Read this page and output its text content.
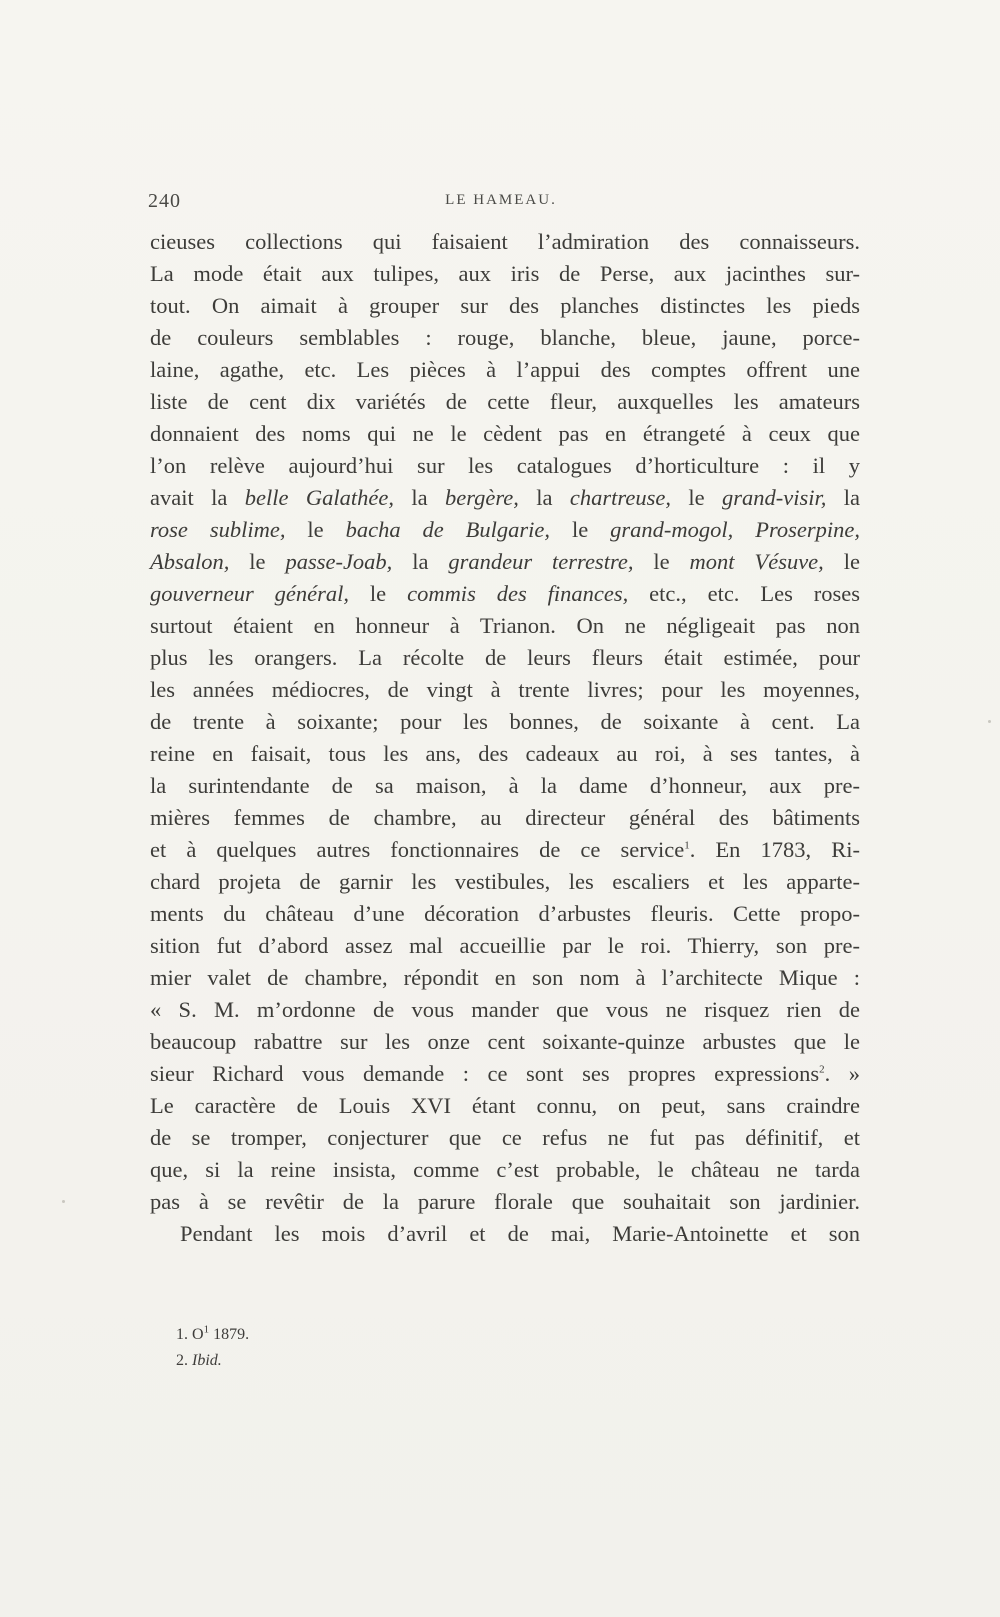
240	LE HAMEAU.
cieuses collections qui faisaient l’admiration des connaisseurs.
La mode était aux tulipes, aux iris de Perse, aux jacinthes sur-
tout. On aimait à grouper sur des planches distinctes les pieds
de couleurs semblables : rouge, blanche, bleue, jaune, porce-
laine, agathe, etc. Les pièces à l’appui des comptes offrent une
liste de cent dix variétés de cette fleur, auxquelles les amateurs
donnaient des noms qui ne le cèdent pas en étrangeté à ceux que
l’on relève aujourd’hui sur les catalogues d’horticulture : il y
avait la belle Galathée, la bergère, la chartreuse, le grand-visir, la
rose sublime, le bacha de Bulgarie, le grand-mogol, Proserpine,
Absalon, le passe-Joab, la grandeur terrestre, le mont Vésuve, le
gouverneur général, le commis des finances, etc., etc. Les roses
surtout étaient en honneur à Trianon. On ne négligeait pas non
plus les orangers. La récolte de leurs fleurs était estimée, pour
les années médiocres, de vingt à trente livres; pour les moyennes,
de trente à soixante; pour les bonnes, de soixante à cent. La
reine en faisait, tous les ans, des cadeaux au roi, à ses tantes, à
la surintendante de sa maison, à la dame d’honneur, aux pre-
mières femmes de chambre, au directeur général des bâtiments
et à quelques autres fonctionnaires de ce service$^1$. En 1783, Ri-
chard projeta de garnir les vestibules, les escaliers et les apparte-
ments du château d’une décoration d’arbustes fleuris. Cette propo-
sition fut d’abord assez mal accueillie par le roi. Thierry, son pre-
mier valet de chambre, répondit en son nom à l’architecte Mique :
« S. M. m’ordonne de vous mander que vous ne risquez rien de
beaucoup rabattre sur les onze cent soixante-quinze arbustes que le
sieur Richard vous demande : ce sont ses propres expressions$^2$. »
Le caractère de Louis XVI étant connu, on peut, sans craindre
de se tromper, conjecturer que ce refus ne fut pas définitif, et
que, si la reine insista, comme c’est probable, le château ne tarda
pas à se revêtir de la parure florale que souhaitait son jardinier.
Pendant les mois d’avril et de mai, Marie-Antoinette et son
1. $O^1$ 1879.
2. Ibid.
